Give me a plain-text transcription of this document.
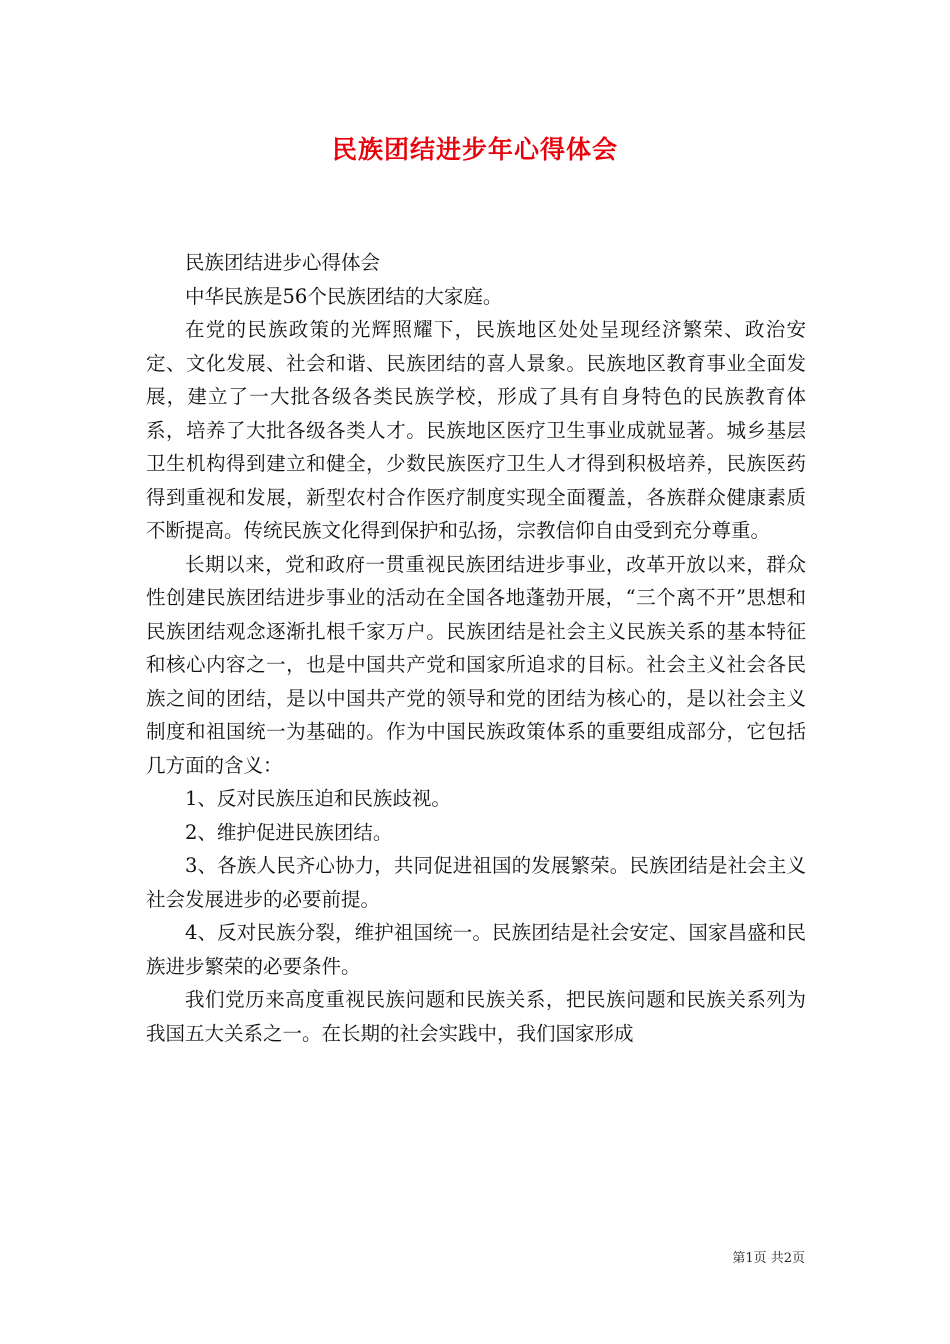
民族团结进步年心得体会

民族团结进步心得体会

中华民族是56个民族团结的大家庭。

在党的民族政策的光辉照耀下，民族地区处处呈现经济繁荣、政治安定、文化发展、社会和谐、民族团结的喜人景象。民族地区教育事业全面发展，建立了一大批各级各类民族学校，形成了具有自身特色的民族教育体系，培养了大批各级各类人才。民族地区医疗卫生事业成就显著。城乡基层卫生机构得到建立和健全，少数民族医疗卫生人才得到积极培养，民族医药得到重视和发展，新型农村合作医疗制度实现全面覆盖，各族群众健康素质不断提高。传统民族文化得到保护和弘扬，宗教信仰自由受到充分尊重。

长期以来，党和政府一贯重视民族团结进步事业，改革开放以来，群众性创建民族团结进步事业的活动在全国各地蓬勃开展，“三个离不开”思想和民族团结观念逐渐扎根千家万户。民族团结是社会主义民族关系的基本特征和核心内容之一，也是中国共产党和国家所追求的目标。社会主义社会各民族之间的团结，是以中国共产党的领导和党的团结为核心的，是以社会主义制度和祖国统一为基础的。作为中国民族政策体系的重要组成部分，它包括几方面的含义：

1、反对民族压迫和民族歧视。

2、维护促进民族团结。

3、各族人民齐心协力，共同促进祖国的发展繁荣。民族团结是社会主义社会发展进步的必要前提。

4、反对民族分裂，维护祖国统一。民族团结是社会安定、国家昌盛和民族进步繁荣的必要条件。

我们党历来高度重视民族问题和民族关系，把民族问题和民族关系列为我国五大关系之一。在长期的社会实践中，我们国家形成

第1页 共2页
